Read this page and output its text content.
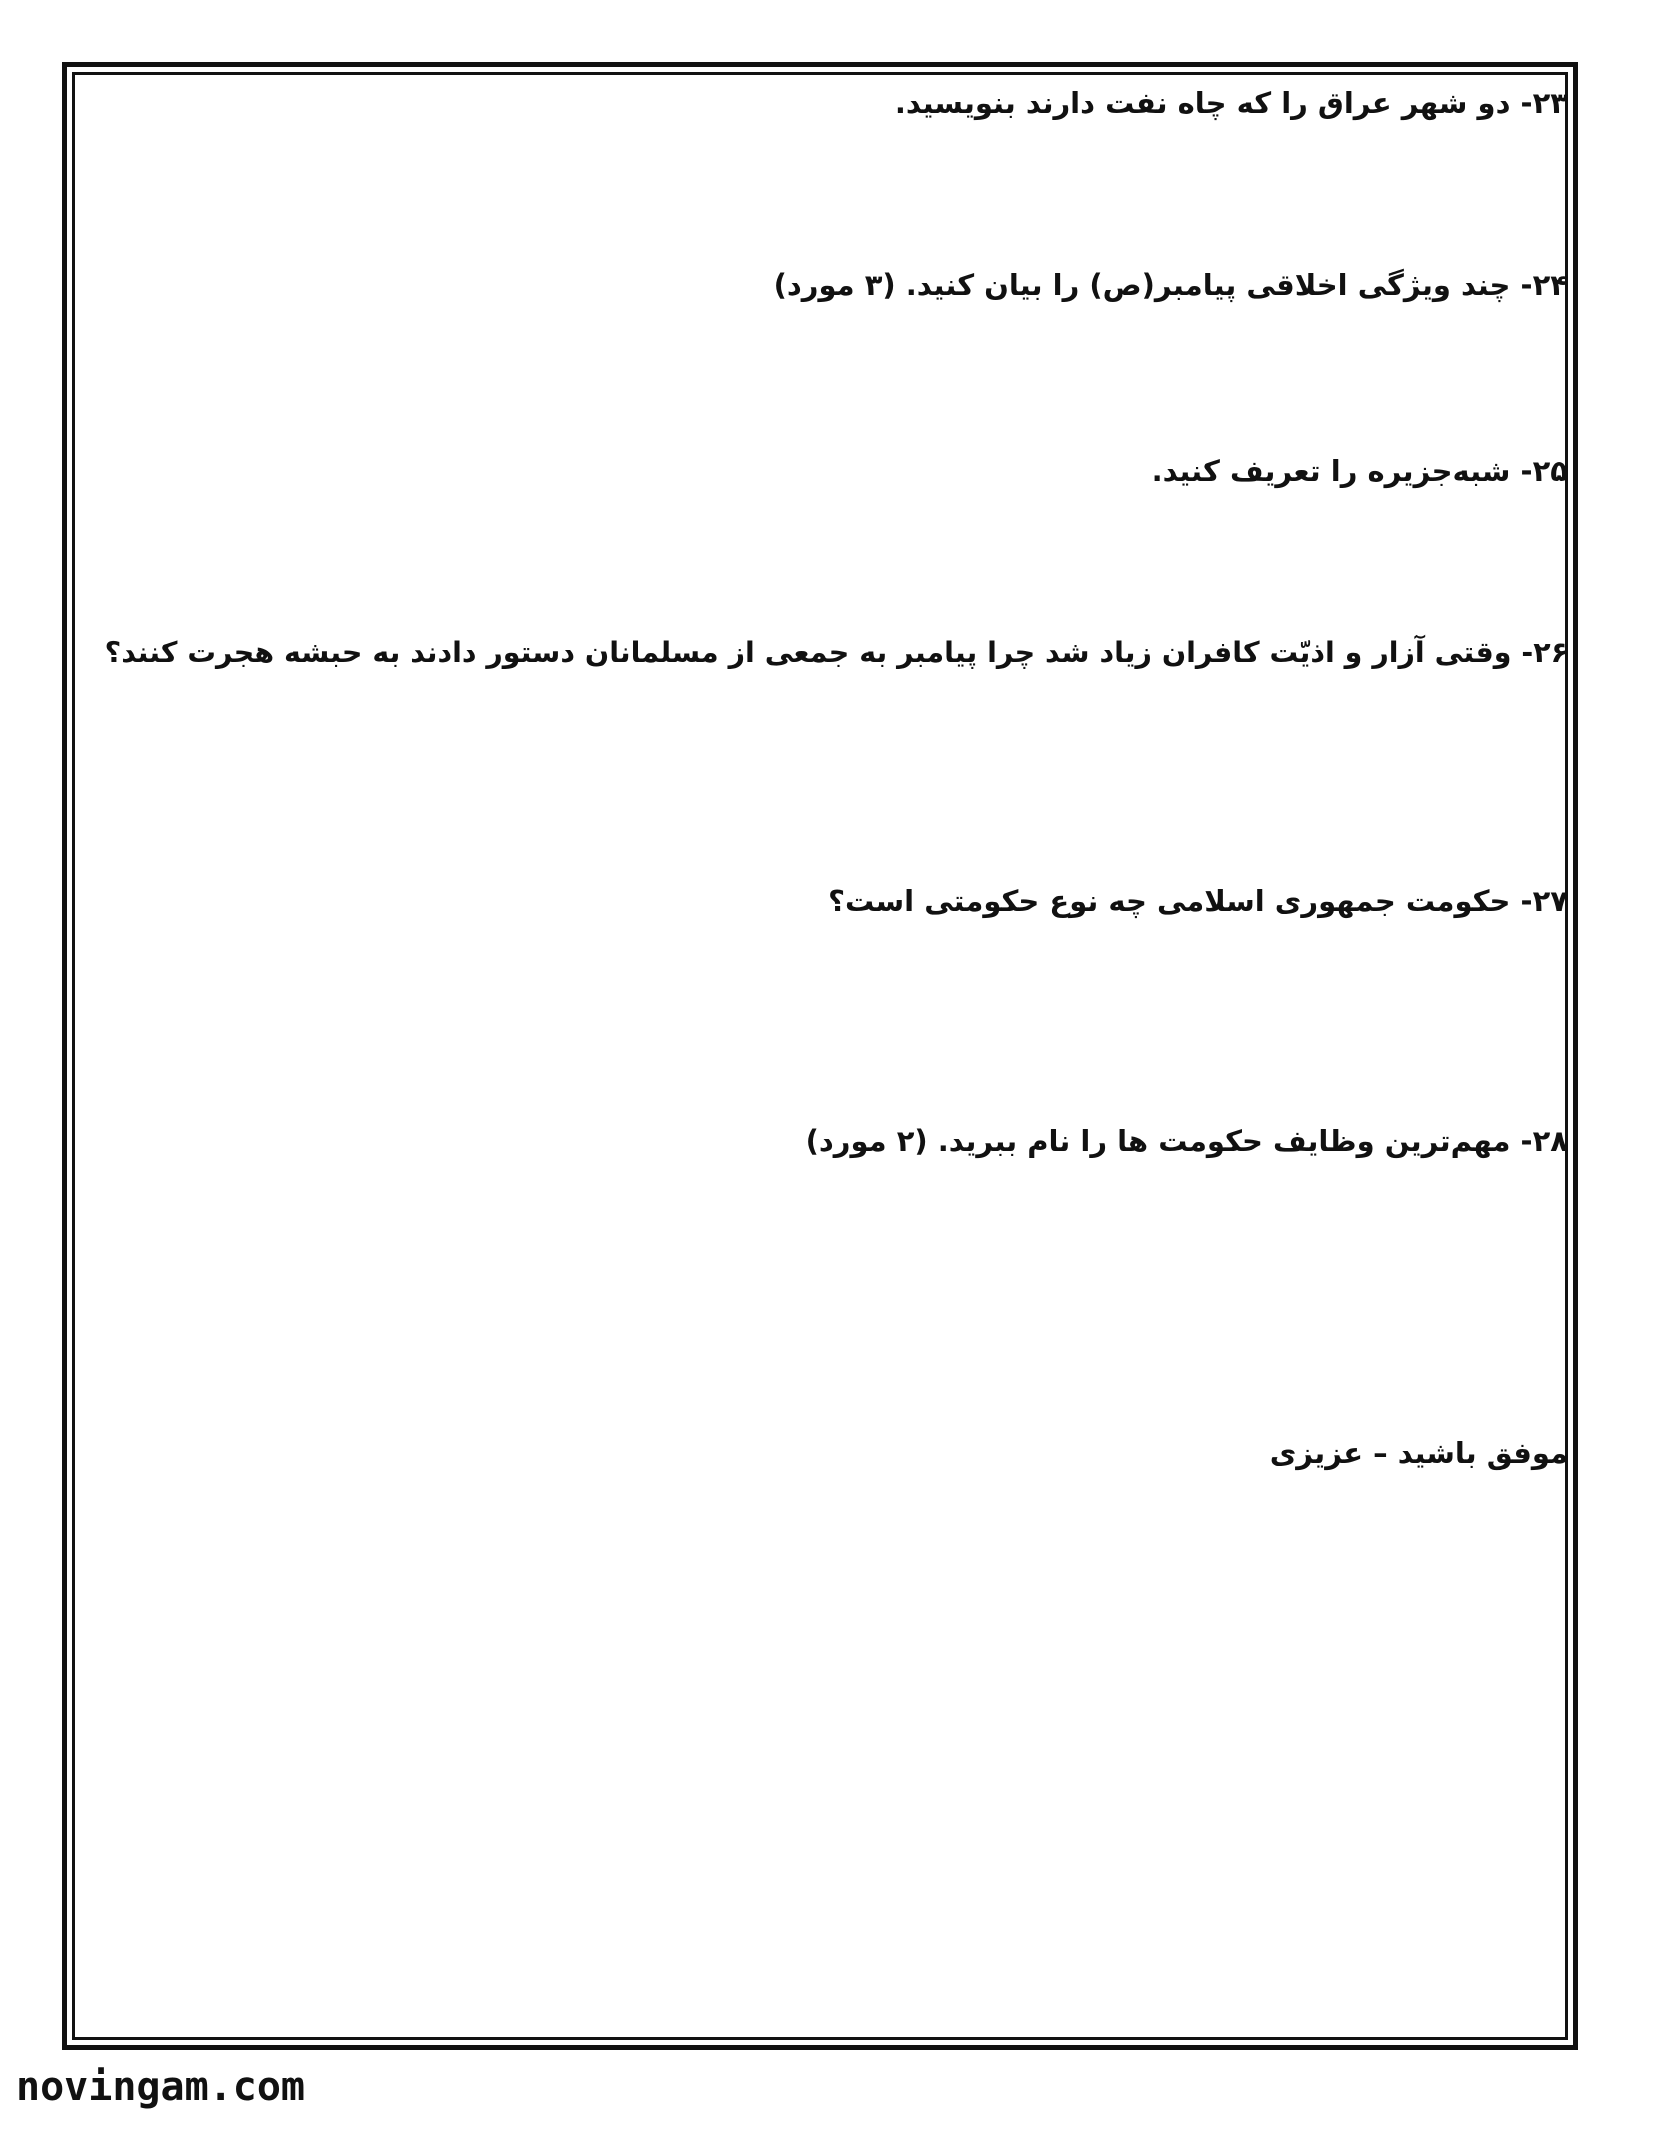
۲۳- دو شهر عراق را که چاه نفت دارند بنویسید.
۲۴- چند ویژگی اخلاقی پیامبر(ص) را بیان کنید. (۳ مورد)
۲۵- شبه‌جزیره را تعریف کنید.
۲۶- وقتی آزار و اذیّت کافران زیاد شد چرا پیامبر به جمعی از مسلمانان دستور دادند به حبشه هجرت کنند؟
۲۷- حکومت جمهوری اسلامی چه نوع حکومتی است؟
۲۸- مهم‌ترین وظایف حکومت ها را نام ببرید. (۲ مورد)
موفق باشید – عزیزی
novingam.com
